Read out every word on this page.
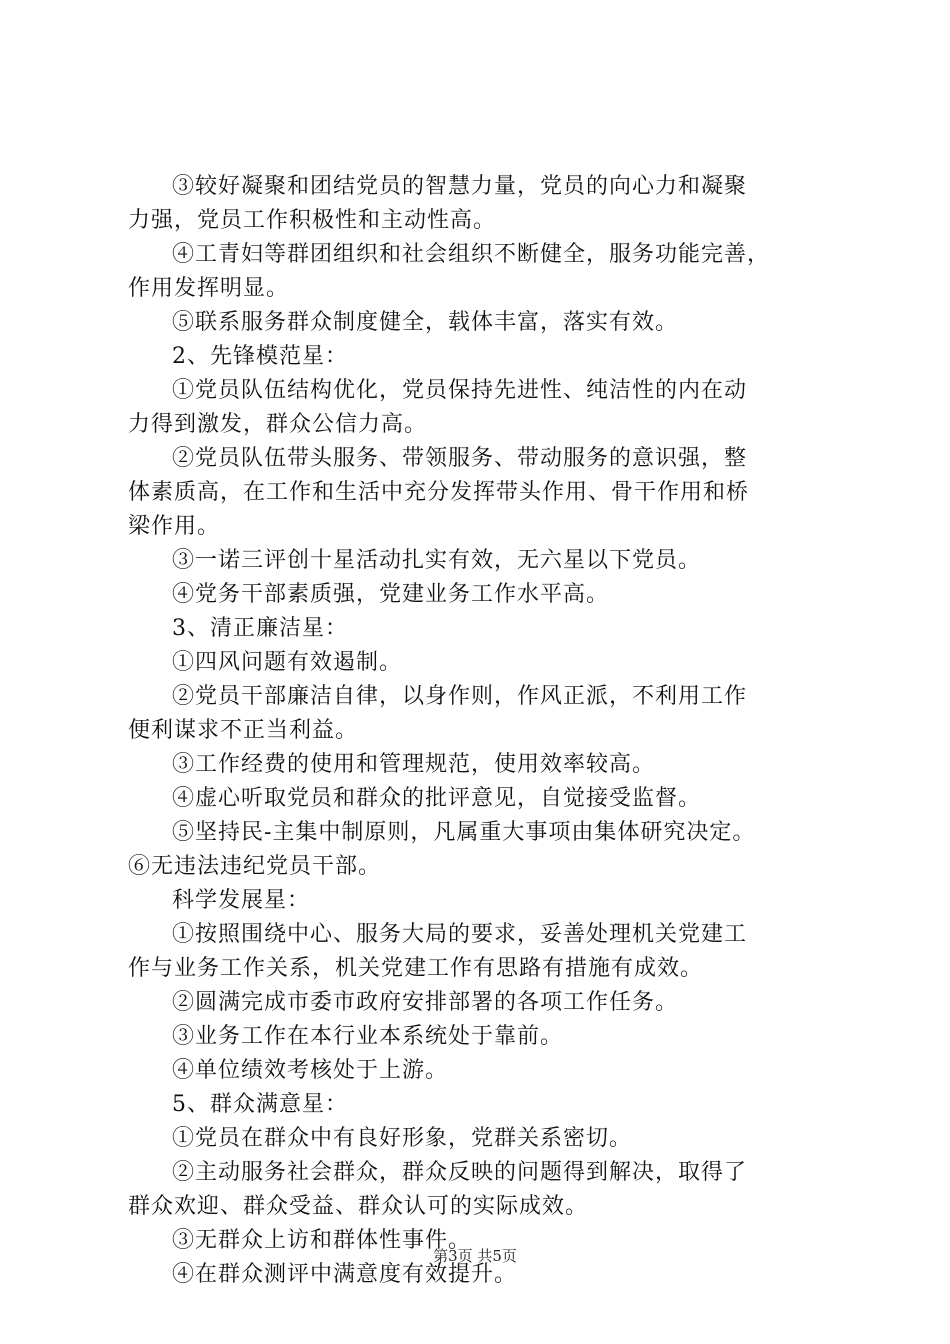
③较好凝聚和团结党员的智慧力量，党员的向心力和凝聚
力强，党员工作积极性和主动性高。
④工青妇等群团组织和社会组织不断健全，服务功能完善，
作用发挥明显。
⑤联系服务群众制度健全，载体丰富，落实有效。
2、先锋模范星：
①党员队伍结构优化，党员保持先进性、纯洁性的内在动
力得到激发，群众公信力高。
②党员队伍带头服务、带领服务、带动服务的意识强，整
体素质高，在工作和生活中充分发挥带头作用、骨干作用和桥
梁作用。
③一诺三评创十星活动扎实有效，无六星以下党员。
④党务干部素质强，党建业务工作水平高。
3、清正廉洁星：
①四风问题有效遏制。
②党员干部廉洁自律，以身作则，作风正派，不利用工作
便利谋求不正当利益。
③工作经费的使用和管理规范，使用效率较高。
④虚心听取党员和群众的批评意见，自觉接受监督。
⑤坚持民-主集中制原则，凡属重大事项由集体研究决定。
⑥无违法违纪党员干部。
科学发展星：
①按照围绕中心、服务大局的要求，妥善处理机关党建工
作与业务工作关系，机关党建工作有思路有措施有成效。
②圆满完成市委市政府安排部署的各项工作任务。
③业务工作在本行业本系统处于靠前。
④单位绩效考核处于上游。
5、群众满意星：
①党员在群众中有良好形象，党群关系密切。
②主动服务社会群众，群众反映的问题得到解决，取得了
群众欢迎、群众受益、群众认可的实际成效。
③无群众上访和群体性事件。
④在群众测评中满意度有效提升。
第3页 共5页
